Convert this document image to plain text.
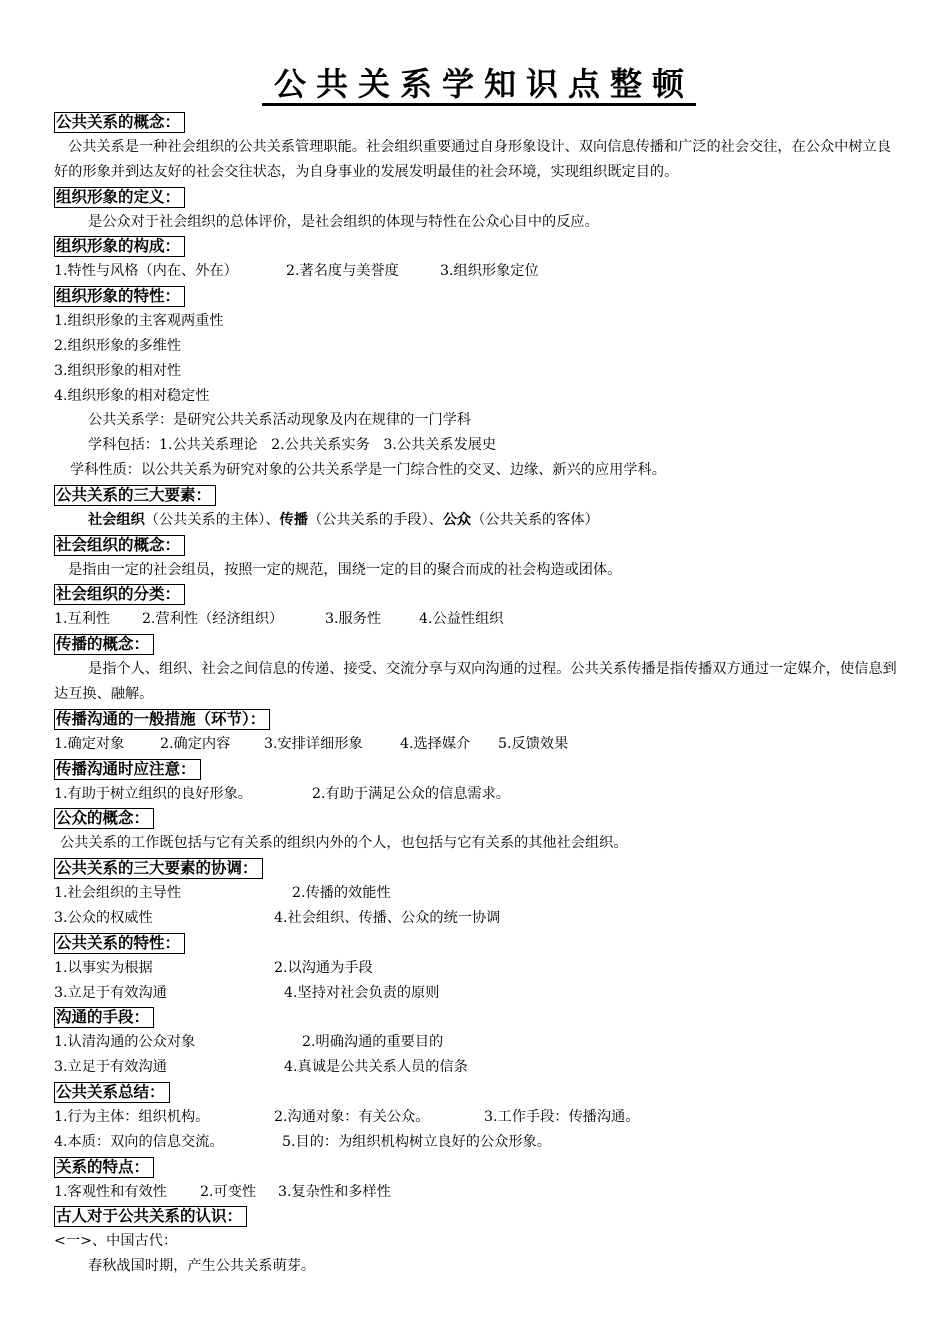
公共关系学知识点整顿
公共关系的概念：
公共关系是一种社会组织的公共关系管理职能。社会组织重要通过自身形象设计、双向信息传播和广泛的社会交往，在公众中树立良好的形象并到达友好的社会交往状态，为自身事业的发展发明最佳的社会环境，实现组织既定目的。
组织形象的定义：
是公众对于社会组织的总体评价，是社会组织的体现与特性在公众心目中的反应。
组织形象的构成：
1.特性与风格（内在、外在）	2.著名度与美誉度	3.组织形象定位
组织形象的特性：
1.组织形象的主客观两重性
2.组织形象的多维性
3.组织形象的相对性
4.组织形象的相对稳定性
公共关系学：是研究公共关系活动现象及内在规律的一门学科
学科包括：1.公共关系理论   2.公共关系实务   3.公共关系发展史
学科性质：以公共关系为研究对象的公共关系学是一门综合性的交叉、边缘、新兴的应用学科。
公共关系的三大要素：
社会组织（公共关系的主体）、传播（公共关系的手段）、公众（公共关系的客体）
社会组织的概念：
是指由一定的社会组员，按照一定的规范，围绕一定的目的聚合而成的社会构造或团体。
社会组织的分类：
1.互利性 2.营利性（经济组织）	3.服务性	4.公益性组织
传播的概念：
是指个人、组织、社会之间信息的传递、接受、交流分享与双向沟通的过程。公共关系传播是指传播双方通过一定媒介，使信息到达互换、融解。
传播沟通的一般措施（环节）：
1.确定对象	2.确定内容 3.安排详细形象	4.选择媒介 5.反馈效果
传播沟通时应注意：
1.有助于树立组织的良好形象。	2.有助于满足公众的信息需求。
公众的概念：
公共关系的工作既包括与它有关系的组织内外的个人，也包括与它有关系的其他社会组织。
公共关系的三大要素的协调：
1.社会组织的主导性	2.传播的效能性
3.公众的权威性	4.社会组织、传播、公众的统一协调
公共关系的特性：
1.以事实为根据	2.以沟通为手段
3.立足于有效沟通	4.坚持对社会负责的原则
沟通的手段：
1.认清沟通的公众对象	2.明确沟通的重要目的
3.立足于有效沟通	4.真诚是公共关系人员的信条
公共关系总结：
1.行为主体：组织机构。	2.沟通对象：有关公众。	3.工作手段：传播沟通。
4.本质：双向的信息交流。	5.目的：为组织机构树立良好的公众形象。
关系的特点：
1.客观性和有效性 2.可变性 3.复杂性和多样性
古人对于公共关系的认识：
<一>、中国古代：
春秋战国时期，产生公共关系萌芽。
